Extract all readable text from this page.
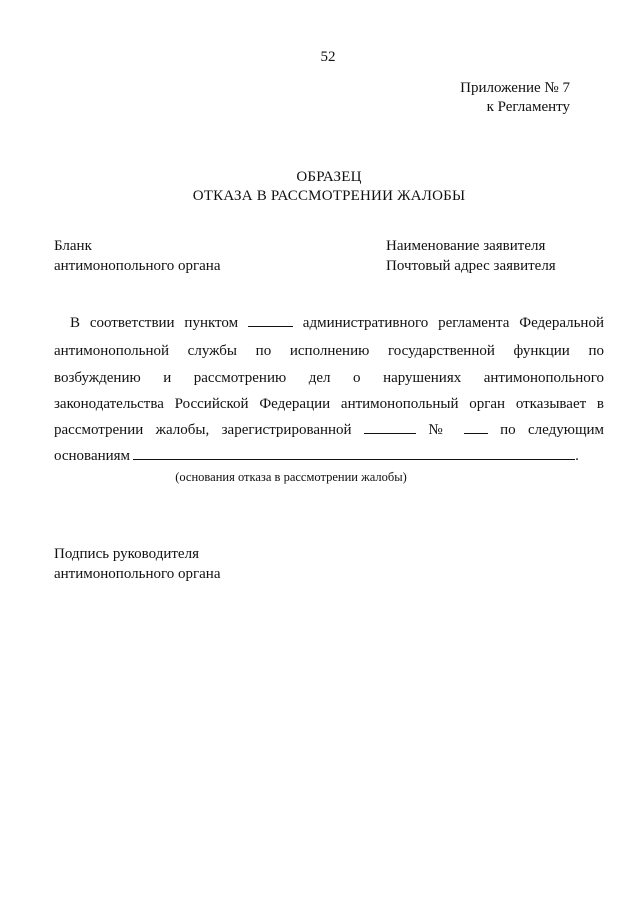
52
Приложение № 7
к Регламенту
ОБРАЗЕЦ
ОТКАЗА В РАССМОТРЕНИИ ЖАЛОБЫ
Бланк
антимонопольного органа
Наименование заявителя
Почтовый адрес заявителя
В соответствии пунктом	административного регламента Федеральной
антимонопольной службы по исполнению государственной функции по
возбуждению и рассмотрению дел о нарушениях антимонопольного
законодательства Российской Федерации антимонопольный орган отказывает в
рассмотрении жалобы, зарегистрированной	№	по следующим
основаниям	.
(основания отказа в рассмотрении жалобы)
Подпись руководителя
антимонопольного органа
